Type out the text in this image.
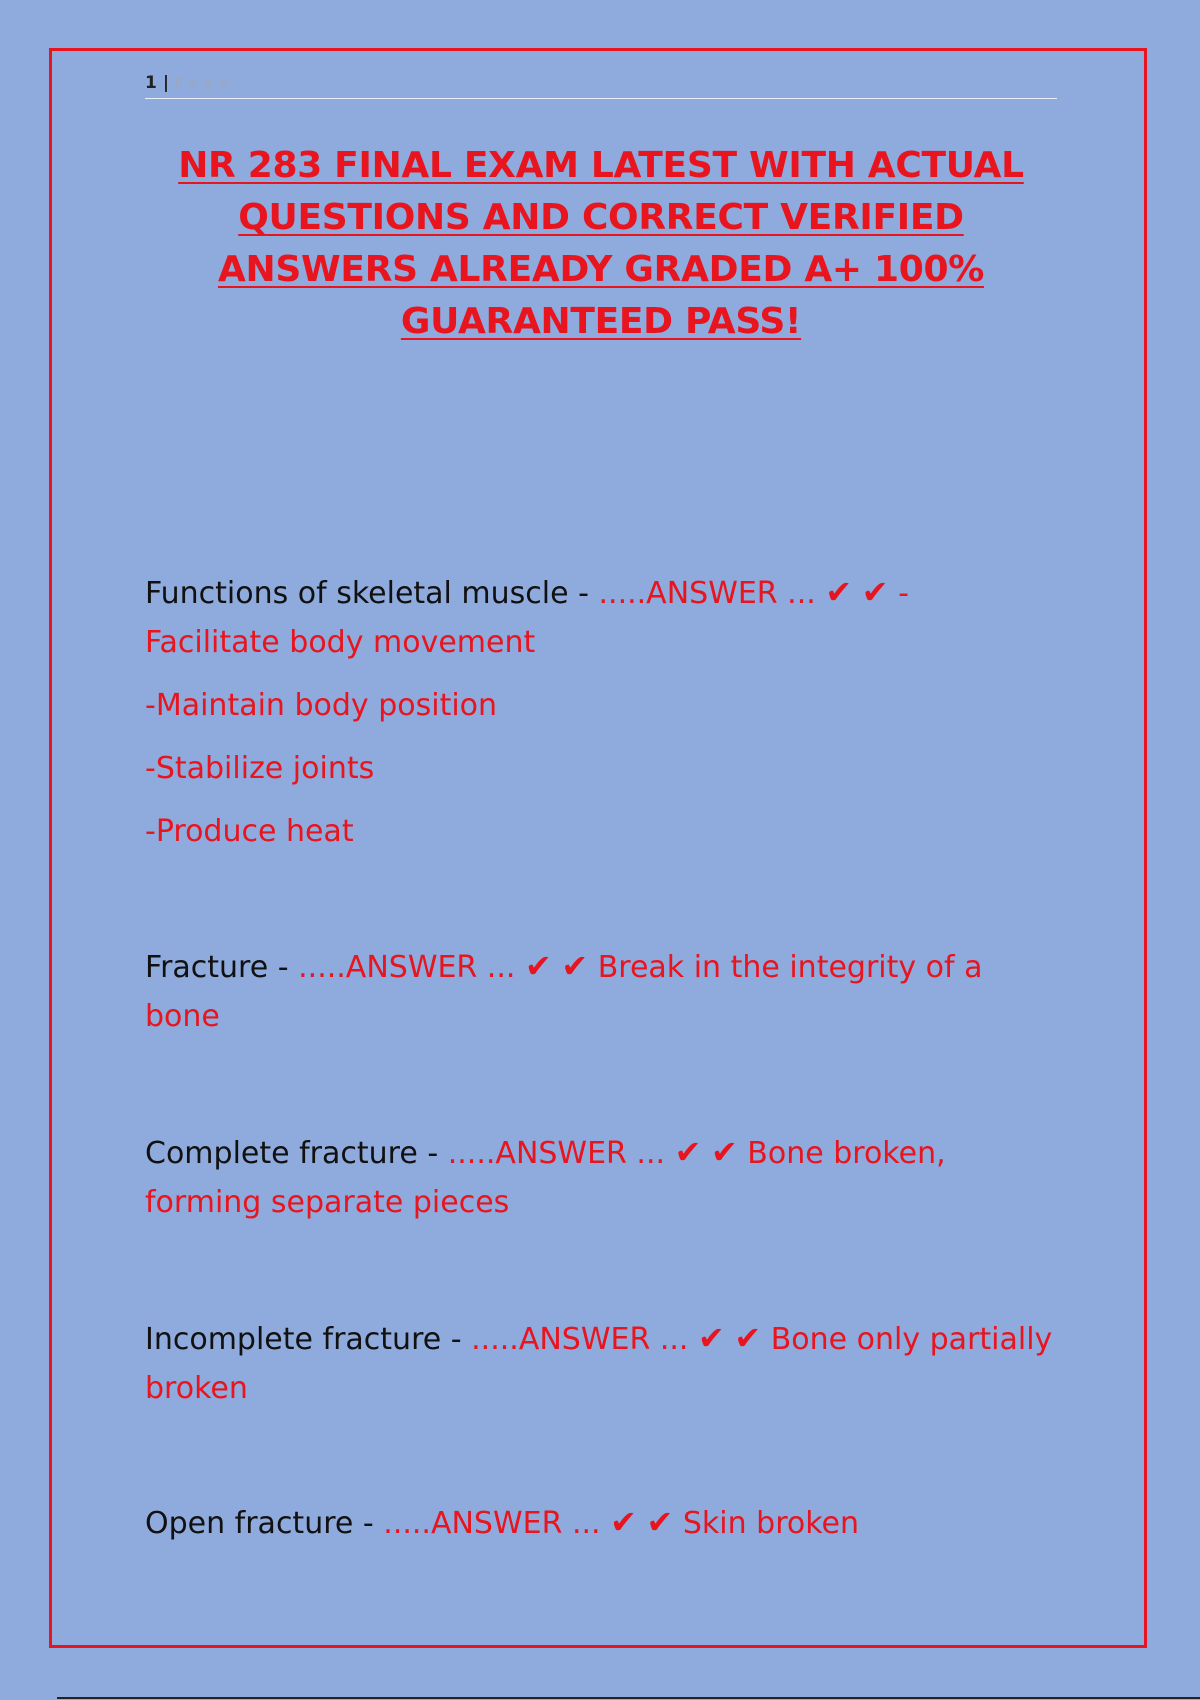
1 | Page
NR 283 FINAL EXAM LATEST WITH ACTUAL QUESTIONS AND CORRECT VERIFIED ANSWERS ALREADY GRADED A+ 100% GUARANTEED PASS!
Functions of skeletal muscle - .....ANSWER ... ✔ ✔ -
Facilitate body movement
-Maintain body position
-Stabilize joints
-Produce heat
Fracture - .....ANSWER ... ✔ ✔ Break in the integrity of a bone
Complete fracture - .....ANSWER ... ✔ ✔ Bone broken, forming separate pieces
Incomplete fracture - .....ANSWER ... ✔ ✔ Bone only partially broken
Open fracture - .....ANSWER ... ✔ ✔ Skin broken
